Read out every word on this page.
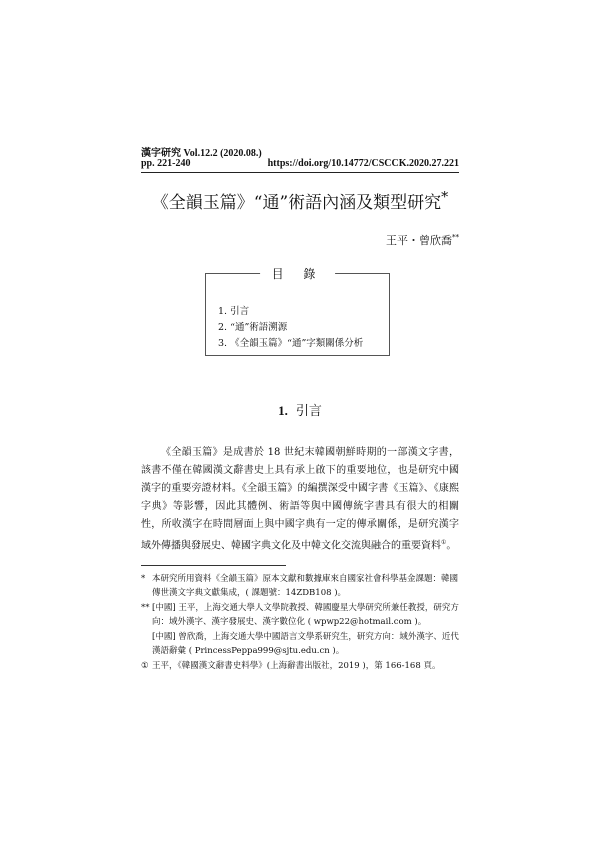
漢字研究 Vol.12.2 (2020.08.)
pp. 221-240	https://doi.org/10.14772/CSCCK.2020.27.221
《全韻玉篇》“通”術語內涵及類型研究*
王平・曾欣喬**
目 錄
1. 引言
2. “通”術語溯源
3. 《全韻玉篇》“通”字類關係分析
1. 引言

《全韻玉篇》是成書於 18 世紀末韓國朝鮮時期的一部漢文字書，該書不僅在韓國漢文辭書史上具有承上啟下的重要地位，也是研究中國漢字的重要旁證材料。《全韻玉篇》的編撰深受中國字書《玉篇》、《康熙字典》等影響，因此其體例、術語等與中國傳統字書具有很大的相關性，所收漢字在時間層面上與中國字典有一定的傳承關係，是研究漢字域外傳播與發展史、韓國字典文化及中韓文化交流與融合的重要資料①。

* 本研究所用資料《全韻玉篇》原本文獻和數據庫來自國家社會科學基金課題：韓國傳世漢文字典文獻集成，( 課題號：14ZDB108 )。
** [中國] 王平，上海交通大學人文學院教授、韓國慶星大學研究所兼任教授，研究方向：域外漢字、漢字發展史、漢字數位化 ( wpwp22@hotmail.com )。
[中國] 曾欣喬，上海交通大學中國語言文學系研究生，研究方向：域外漢字、近代漢語辭彙 ( PrincessPeppa999@sjtu.edu.cn )。
① 王平，《韓國漢文辭書史料學》(上海辭書出版社，2019 )，第 166-168 頁。
